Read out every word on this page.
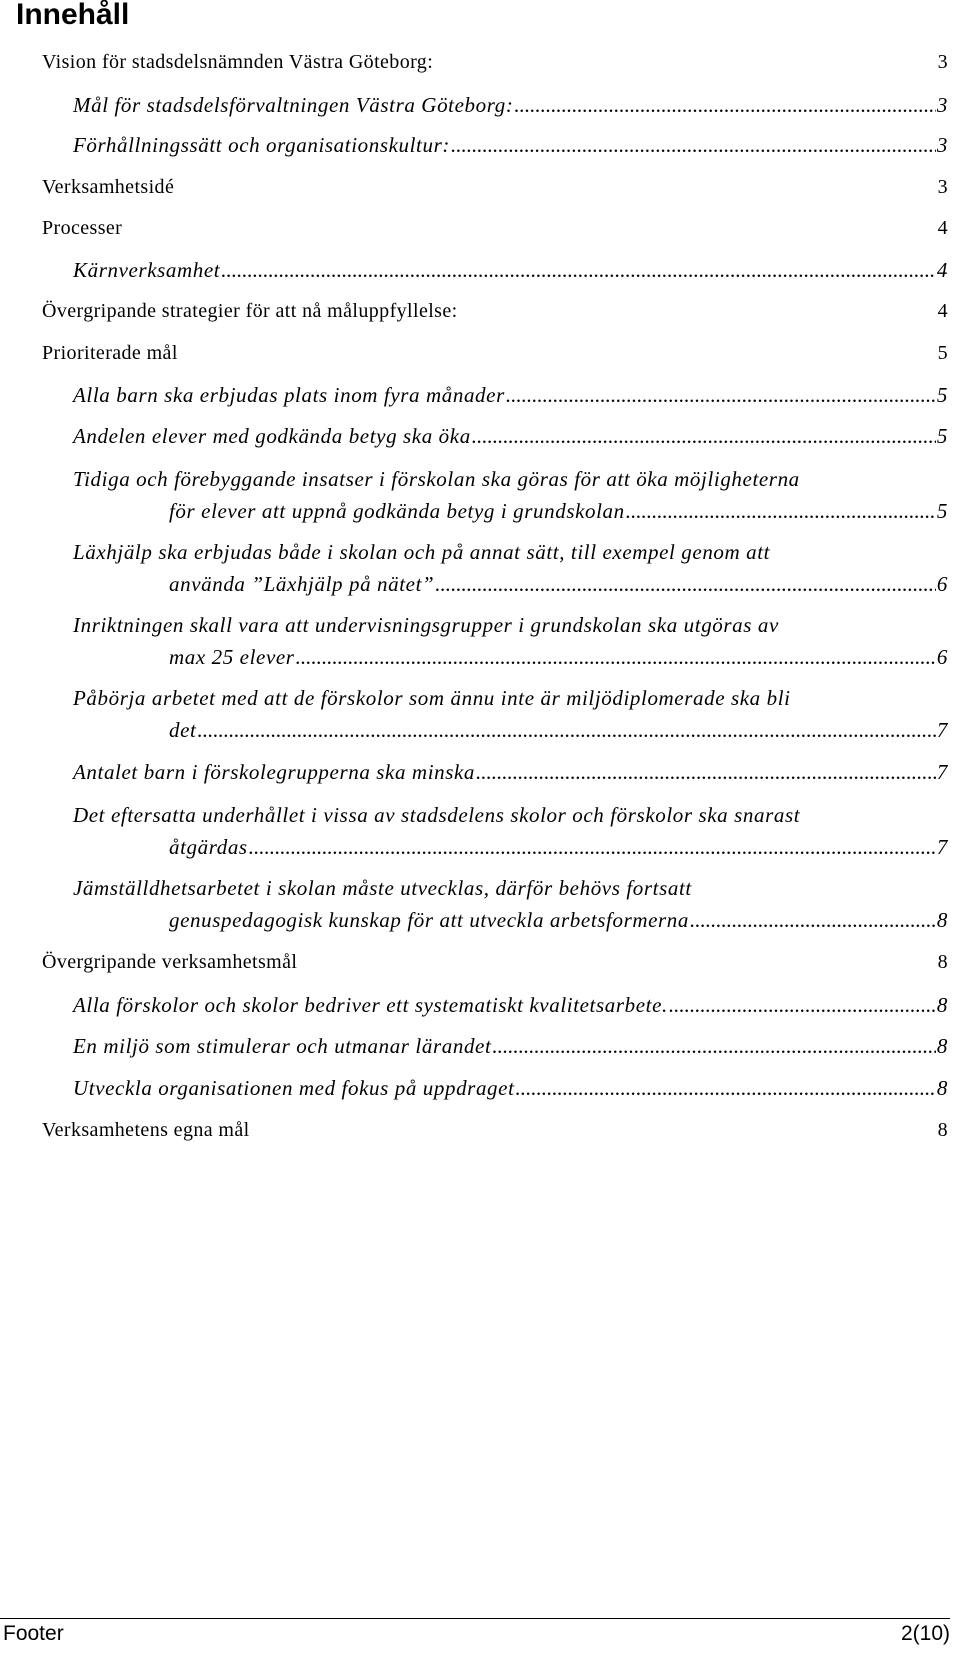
Innehåll
Vision för stadsdelsnämnden Västra Göteborg:	3
Mål för stadsdelsförvaltningen Västra Göteborg: .....	3
Förhållningssätt och organisationskultur: .....	3
Verksamhetsidé	3
Processer	4
Kärnverksamhet .....	4
Övergripande strategier för att nå måluppfyllelse:	4
Prioriterade mål	5
Alla barn ska erbjudas plats inom fyra månader .....	5
Andelen elever med godkända betyg ska öka .....	5
Tidiga och förebyggande insatser i förskolan ska göras för att öka möjligheterna
för elever att uppnå godkända betyg i grundskolan .....	5
Läxhjälp ska erbjudas både i skolan och på annat sätt, till exempel genom att
använda ”Läxhjälp på nätet” .....	6
Inriktningen skall vara att undervisningsgrupper i grundskolan ska utgöras av
max 25 elever .....	6
Påbörja arbetet med att de förskolor som ännu inte är miljödiplomerade ska bli
det .....	7
Antalet barn i förskolegrupperna ska minska .....	7
Det eftersatta underhållet i vissa av stadsdelens skolor och förskolor ska snarast
åtgärdas .....	7
Jämställdhetsarbetet i skolan måste utvecklas, därför behövs fortsatt
genuspedagogisk kunskap för att utveckla arbetsformerna .....	8
Övergripande verksamhetsmål	8
Alla förskolor och skolor bedriver ett systematiskt kvalitetsarbete. .....	8
En miljö som stimulerar och utmanar lärandet .....	8
Utveckla organisationen med fokus på uppdraget .....	8
Verksamhetens egna mål	8
Footer	2(10)
